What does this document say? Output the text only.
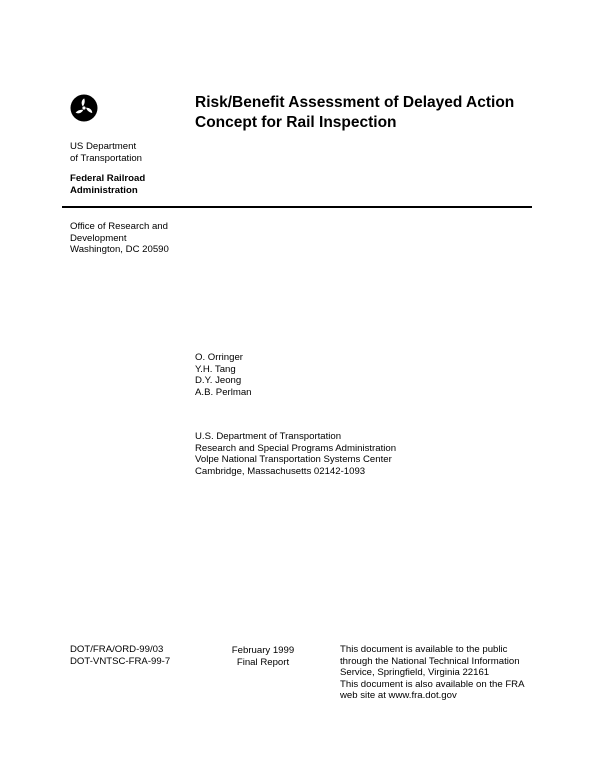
Risk/Benefit Assessment of Delayed Action
Concept for Rail Inspection
US Department
of Transportation
Federal Railroad
Administration
Office of Research and
Development
Washington, DC 20590
O. Orringer
Y.H. Tang
D.Y. Jeong
A.B. Perlman
U.S. Department of Transportation
Research and Special Programs Administration
Volpe National Transportation Systems Center
Cambridge, Massachusetts 02142-1093
DOT/FRA/ORD-99/03
DOT-VNTSC-FRA-99-7
February 1999
Final Report
This document is available to the public
through the National Technical Information
Service, Springfield, Virginia 22161
This document is also available on the FRA
web site at www.fra.dot.gov
